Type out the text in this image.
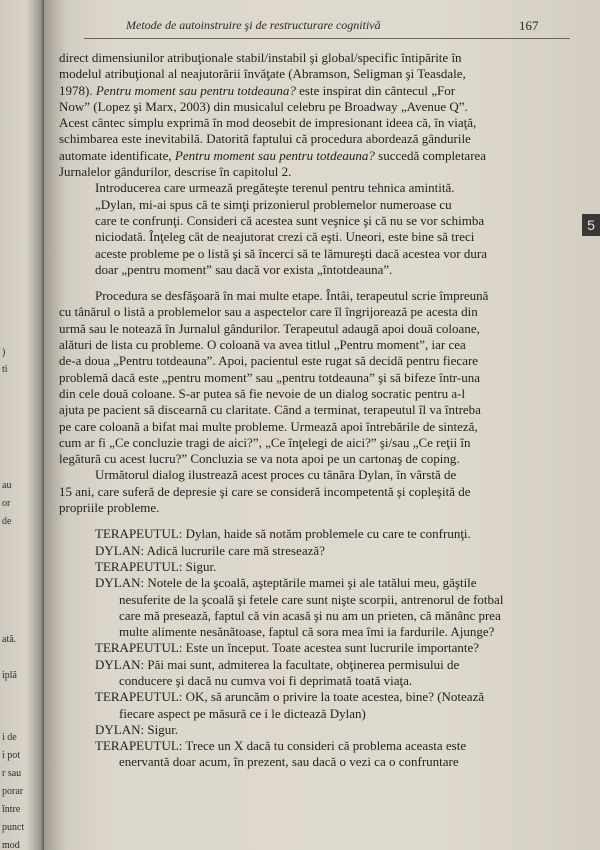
)
ti
au
or
de
ată.
iplă
i de
i pot
r sau
porar
între
punct
mod
Metode de autoinstruire şi de restructurare cognitivă	167
5

direct dimensiunilor atribuţionale stabil/instabil şi global/specific întipărite în

modelul atribuţional al neajutorării învăţate (Abramson, Seligman şi Teasdale,

1978). Pentru moment sau pentru totdeauna? este inspirat din cântecul „For

Now” (Lopez şi Marx, 2003) din musicalul celebru pe Broadway „Avenue Q”.

Acest cântec simplu exprimă în mod deosebit de impresionant ideea că, în viaţă,

schimbarea este inevitabilă. Datorită faptului că procedura abordează gândurile

automate identificate, Pentru moment sau pentru totdeauna? succedă completarea

Jurnalelor gândurilor, descrise în capitolul 2.

Introducerea care urmează pregăteşte terenul pentru tehnica amintită.

„Dylan, mi-ai spus că te simţi prizonierul problemelor numeroase cu

care te confrunţi. Consideri că acestea sunt veşnice şi că nu se vor schimba

niciodată. Înţeleg cât de neajutorat crezi că eşti. Uneori, este bine să treci

aceste probleme pe o listă şi să încerci să te lămureşti dacă acestea vor dura

doar „pentru moment” sau dacă vor exista „întotdeauna”.

Procedura se desfăşoară în mai multe etape. Întâi, terapeutul scrie împreună

cu tânărul o listă a problemelor sau a aspectelor care îl îngrijorează pe acesta din

urmă sau le notează în Jurnalul gândurilor. Terapeutul adaugă apoi două coloane,

alături de lista cu probleme. O coloană va avea titlul „Pentru moment”, iar cea

de-a doua „Pentru totdeauna”. Apoi, pacientul este rugat să decidă pentru fiecare

problemă dacă este „pentru moment” sau „pentru totdeauna” şi să bifeze într-una

din cele două coloane. S-ar putea să fie nevoie de un dialog socratic pentru a-l

ajuta pe pacient să discearnă cu claritate. Când a terminat, terapeutul îl va întreba

pe care coloană a bifat mai multe probleme. Urmează apoi întrebările de sinteză,

cum ar fi „Ce concluzie tragi de aici?”, „Ce înţelegi de aici?” şi/sau „Ce reţii în

legătură cu acest lucru?” Concluzia se va nota apoi pe un cartonaş de coping.

Următorul dialog ilustrează acest proces cu tânăra Dylan, în vârstă de

15 ani, care suferă de depresie şi care se consideră incompetentă şi copleşită de

propriile probleme.

TERAPEUTUL: Dylan, haide să notăm problemele cu care te confrunţi.

DYLAN: Adică lucrurile care mă stresează?

TERAPEUTUL: Sigur.

DYLAN: Notele de la şcoală, aşteptările mamei şi ale tatălui meu, găştile

nesuferite de la şcoală şi fetele care sunt nişte scorpii, antrenorul de fotbal

care mă presează, faptul că vin acasă şi nu am un prieten, că mănânc prea

multe alimente nesănătoase, faptul că sora mea îmi ia fardurile. Ajunge?

TERAPEUTUL: Este un început. Toate acestea sunt lucrurile importante?

DYLAN: Păi mai sunt, admiterea la facultate, obţinerea permisului de

conducere şi dacă nu cumva voi fi deprimată toată viaţa.

TERAPEUTUL: OK, să aruncăm o privire la toate acestea, bine? (Notează

fiecare aspect pe măsură ce i le dictează Dylan)

DYLAN: Sigur.

TERAPEUTUL: Trece un X dacă tu consideri că problema aceasta este

enervantă doar acum, în prezent, sau dacă o vezi ca o confruntare
